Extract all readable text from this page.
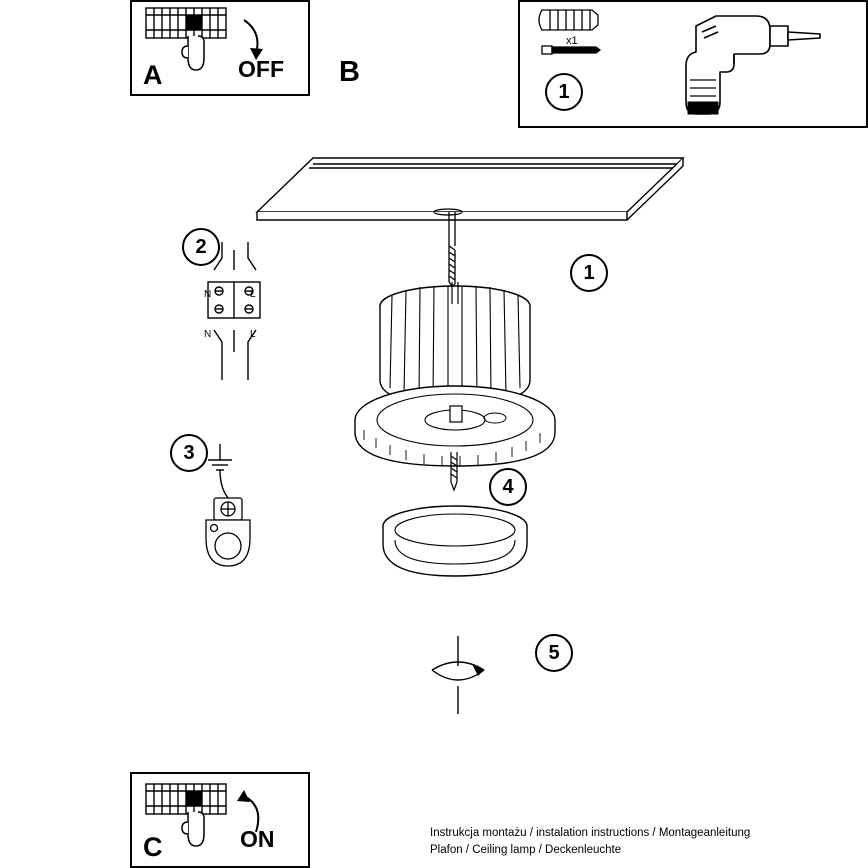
A	OFF B
x1
1
1
2
3
4
5
N	L
N	L
C	ON	Instrukcja montażu / instalation instructions / Montageanleitung
Plafon / Ceiling lamp / Deckenleuchte
